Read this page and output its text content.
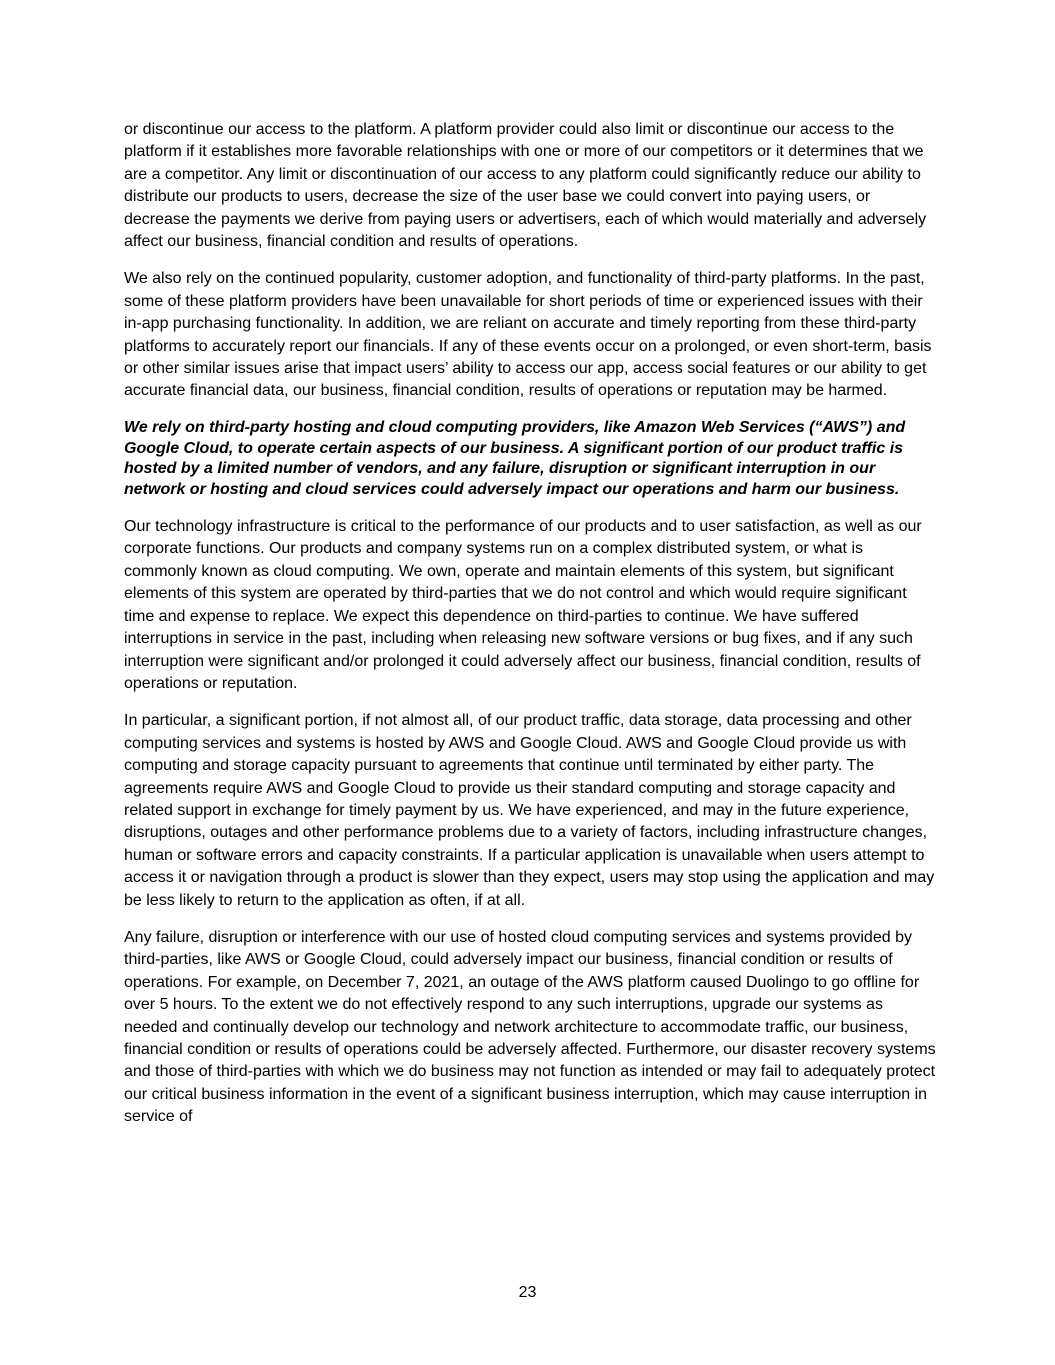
or discontinue our access to the platform. A platform provider could also limit or discontinue our access to the platform if it establishes more favorable relationships with one or more of our competitors or it determines that we are a competitor. Any limit or discontinuation of our access to any platform could significantly reduce our ability to distribute our products to users, decrease the size of the user base we could convert into paying users, or decrease the payments we derive from paying users or advertisers, each of which would materially and adversely affect our business, financial condition and results of operations.

We also rely on the continued popularity, customer adoption, and functionality of third-party platforms. In the past, some of these platform providers have been unavailable for short periods of time or experienced issues with their in-app purchasing functionality. In addition, we are reliant on accurate and timely reporting from these third-party platforms to accurately report our financials. If any of these events occur on a prolonged, or even short-term, basis or other similar issues arise that impact users’ ability to access our app, access social features or our ability to get accurate financial data, our business, financial condition, results of operations or reputation may be harmed.

We rely on third-party hosting and cloud computing providers, like Amazon Web Services (“AWS”) and Google Cloud, to operate certain aspects of our business. A significant portion of our product traffic is hosted by a limited number of vendors, and any failure, disruption or significant interruption in our network or hosting and cloud services could adversely impact our operations and harm our business.

Our technology infrastructure is critical to the performance of our products and to user satisfaction, as well as our corporate functions. Our products and company systems run on a complex distributed system, or what is commonly known as cloud computing. We own, operate and maintain elements of this system, but significant elements of this system are operated by third-parties that we do not control and which would require significant time and expense to replace. We expect this dependence on third-parties to continue. We have suffered interruptions in service in the past, including when releasing new software versions or bug fixes, and if any such interruption were significant and/or prolonged it could adversely affect our business, financial condition, results of operations or reputation.

In particular, a significant portion, if not almost all, of our product traffic, data storage, data processing and other computing services and systems is hosted by AWS and Google Cloud. AWS and Google Cloud provide us with computing and storage capacity pursuant to agreements that continue until terminated by either party. The agreements require AWS and Google Cloud to provide us their standard computing and storage capacity and related support in exchange for timely payment by us. We have experienced, and may in the future experience, disruptions, outages and other performance problems due to a variety of factors, including infrastructure changes, human or software errors and capacity constraints. If a particular application is unavailable when users attempt to access it or navigation through a product is slower than they expect, users may stop using the application and may be less likely to return to the application as often, if at all.

Any failure, disruption or interference with our use of hosted cloud computing services and systems provided by third-parties, like AWS or Google Cloud, could adversely impact our business, financial condition or results of operations. For example, on December 7, 2021, an outage of the AWS platform caused Duolingo to go offline for over 5 hours. To the extent we do not effectively respond to any such interruptions, upgrade our systems as needed and continually develop our technology and network architecture to accommodate traffic, our business, financial condition or results of operations could be adversely affected. Furthermore, our disaster recovery systems and those of third-parties with which we do business may not function as intended or may fail to adequately protect our critical business information in the event of a significant business interruption, which may cause interruption in service of

23
